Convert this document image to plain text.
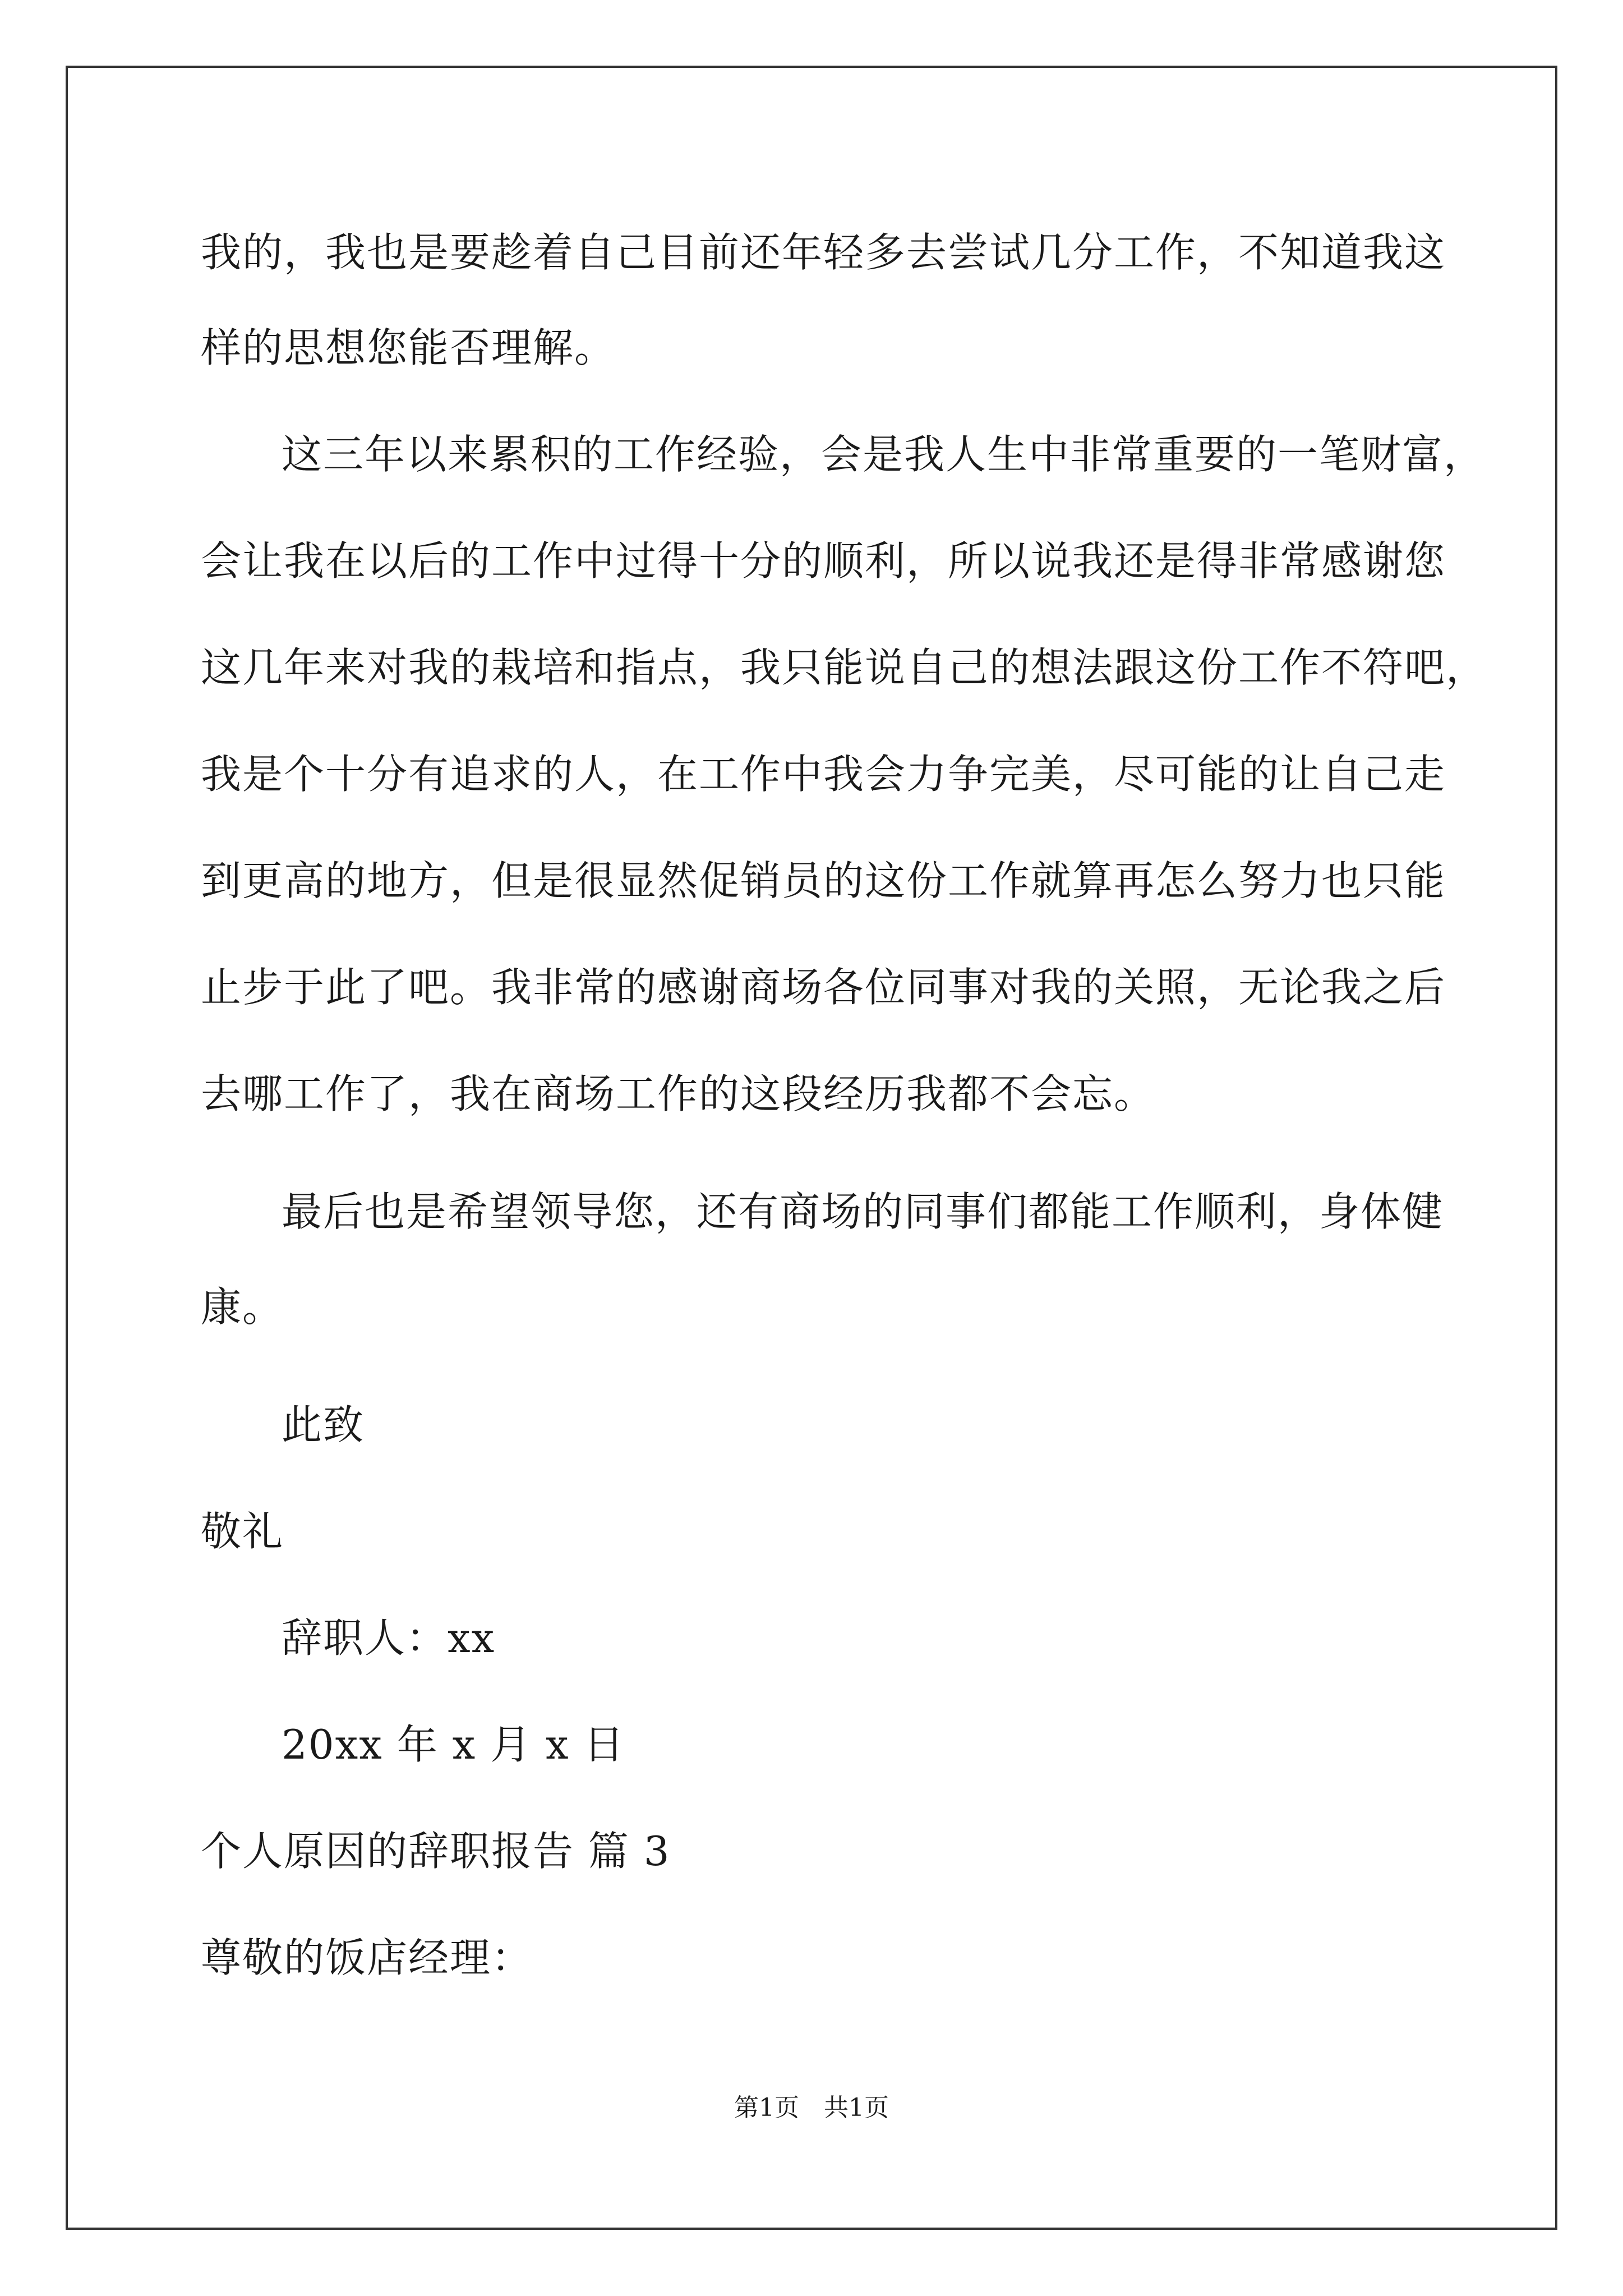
我的，我也是要趁着自己目前还年轻多去尝试几分工作，不知道我这
样的思想您能否理解。
这三年以来累积的工作经验，会是我人生中非常重要的一笔财富，
会让我在以后的工作中过得十分的顺利，所以说我还是得非常感谢您
这几年来对我的栽培和指点，我只能说自己的想法跟这份工作不符吧，
我是个十分有追求的人，在工作中我会力争完美，尽可能的让自己走
到更高的地方，但是很显然促销员的这份工作就算再怎么努力也只能
止步于此了吧。我非常的感谢商场各位同事对我的关照，无论我之后
去哪工作了，我在商场工作的这段经历我都不会忘。
最后也是希望领导您，还有商场的同事们都能工作顺利，身体健
康。
此致
敬礼
辞职人：xx
20xx 年 x 月 x 日
个人原因的辞职报告 篇 3
尊敬的饭店经理：
第1页　共1页
